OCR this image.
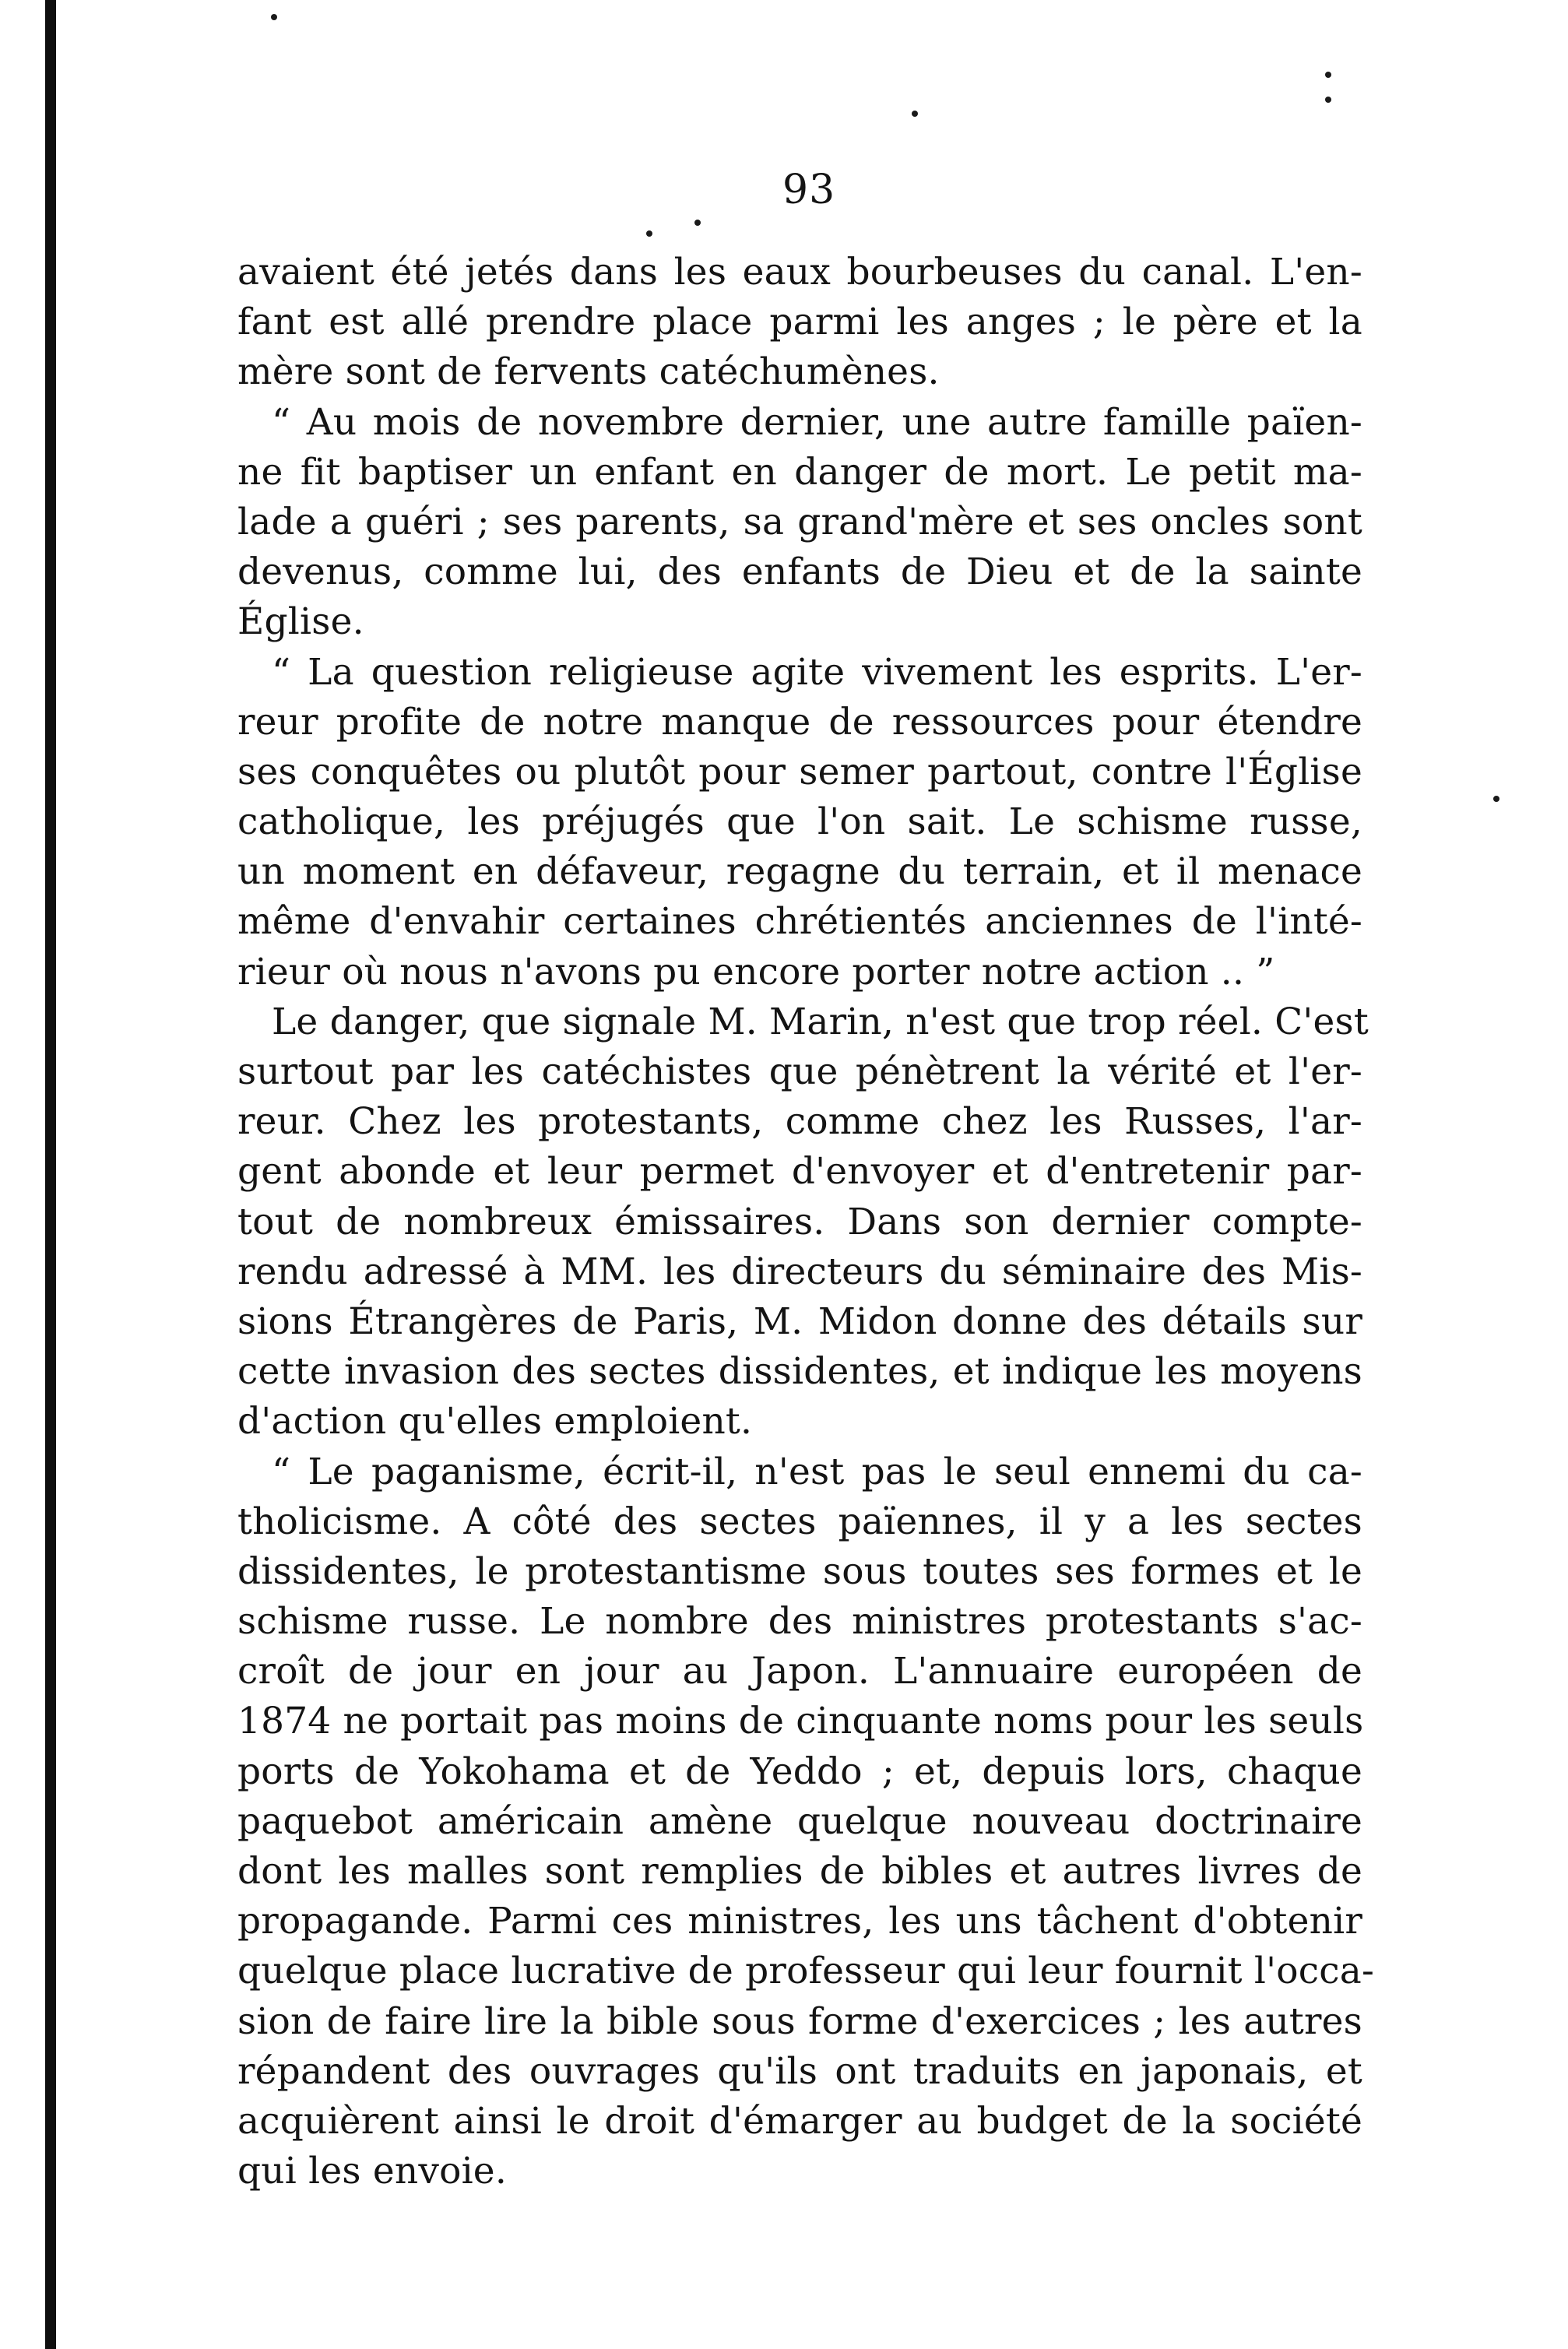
93
avaient été jetés dans les eaux bourbeuses du canal. L'en-
fant est allé prendre place parmi les anges ; le père et la
mère sont de fervents catéchumènes.
“ Au mois de novembre dernier, une autre famille païen-
ne fit baptiser un enfant en danger de mort. Le petit ma-
lade a guéri ; ses parents, sa grand'mère et ses oncles sont
devenus, comme lui, des enfants de Dieu et de la sainte
Église.
“ La question religieuse agite vivement les esprits. L'er-
reur profite de notre manque de ressources pour étendre
ses conquêtes ou plutôt pour semer partout, contre l'Église
catholique, les préjugés que l'on sait. Le schisme russe,
un moment en défaveur, regagne du terrain, et il menace
même d'envahir certaines chrétientés anciennes de l'inté-
rieur où nous n'avons pu encore porter notre action .. ”
Le danger, que signale M. Marin, n'est que trop réel. C'est
surtout par les catéchistes que pénètrent la vérité et l'er-
reur. Chez les protestants, comme chez les Russes, l'ar-
gent abonde et leur permet d'envoyer et d'entretenir par-
tout de nombreux émissaires. Dans son dernier compte-
rendu adressé à MM. les directeurs du séminaire des Mis-
sions Étrangères de Paris, M. Midon donne des détails sur
cette invasion des sectes dissidentes, et indique les moyens
d'action qu'elles emploient.
“ Le paganisme, écrit-il, n'est pas le seul ennemi du ca-
tholicisme. A côté des sectes païennes, il y a les sectes
dissidentes, le protestantisme sous toutes ses formes et le
schisme russe. Le nombre des ministres protestants s'ac-
croît de jour en jour au Japon. L'annuaire européen de
1874 ne portait pas moins de cinquante noms pour les seuls
ports de Yokohama et de Yeddo ; et, depuis lors, chaque
paquebot américain amène quelque nouveau doctrinaire
dont les malles sont remplies de bibles et autres livres de
propagande. Parmi ces ministres, les uns tâchent d'obtenir
quelque place lucrative de professeur qui leur fournit l'occa-
sion de faire lire la bible sous forme d'exercices ; les autres
répandent des ouvrages qu'ils ont traduits en japonais, et
acquièrent ainsi le droit d'émarger au budget de la société
qui les envoie.
